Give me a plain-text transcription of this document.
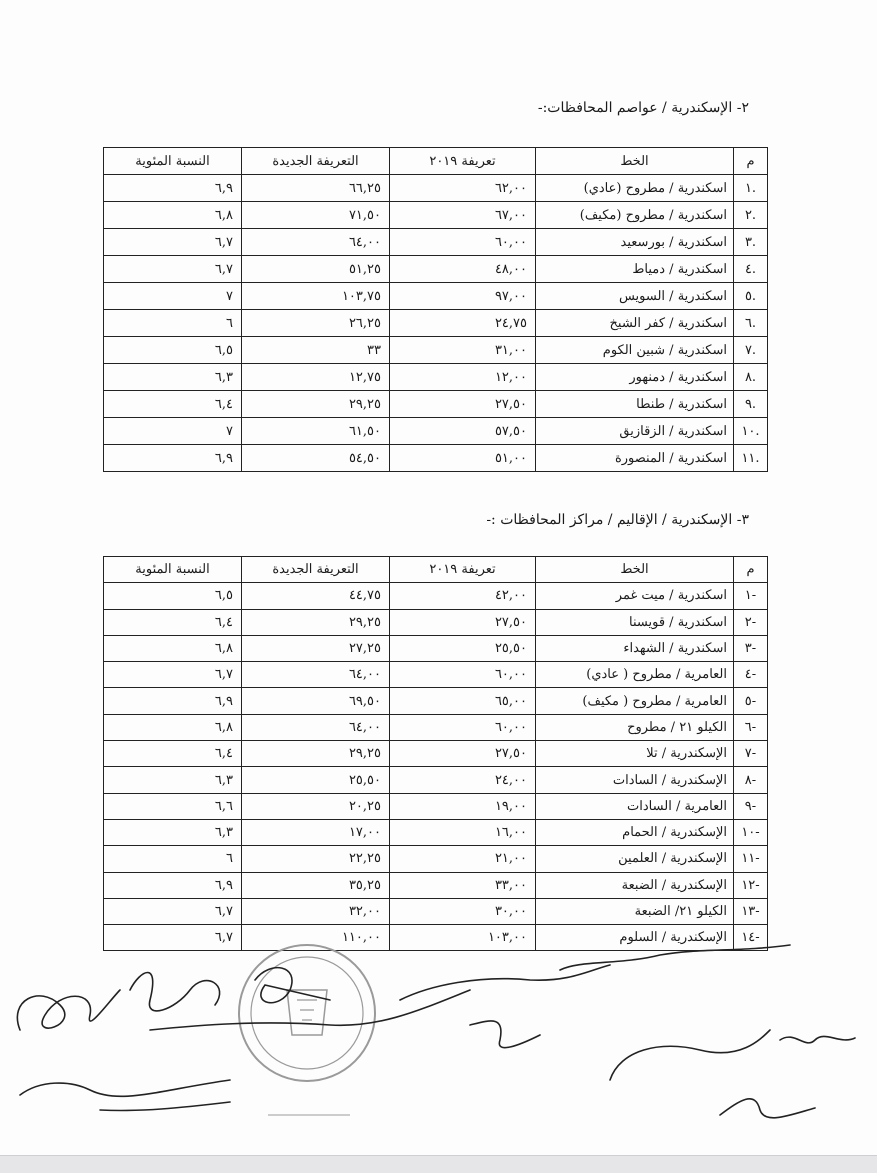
٢- الإسكندرية / عواصم المحافظات:-
م	الخط	تعريفة ٢٠١٩	التعريفة الجديدة	النسبة المئوية
.١	اسكندرية / مطروح (عادي)	٦٢,٠٠	٦٦,٢٥	٦,٩
.٢	اسكندرية / مطروح (مكيف)	٦٧,٠٠	٧١,٥٠	٦,٨
.٣	اسكندرية / بورسعيد	٦٠,٠٠	٦٤,٠٠	٦,٧
.٤	اسكندرية / دمياط	٤٨,٠٠	٥١,٢٥	٦,٧
.٥	اسكندرية / السويس	٩٧,٠٠	١٠٣,٧٥	٧
.٦	اسكندرية / كفر الشيخ	٢٤,٧٥	٢٦,٢٥	٦
.٧	اسكندرية / شبين الكوم	٣١,٠٠	٣٣	٦,٥
.٨	اسكندرية / دمنهور	١٢,٠٠	١٢,٧٥	٦,٣
.٩	اسكندرية / طنطا	٢٧,٥٠	٢٩,٢٥	٦,٤
.١٠	اسكندرية / الزقازيق	٥٧,٥٠	٦١,٥٠	٧
.١١	اسكندرية / المنصورة	٥١,٠٠	٥٤,٥٠	٦,٩
٣- الإسكندرية / الإقاليم / مراكز المحافظات :-
م	الخط	تعريفة ٢٠١٩	التعريفة الجديدة	النسبة المئوية
-١	اسكندرية / ميت غمر	٤٢,٠٠	٤٤,٧٥	٦,٥
-٢	اسكندرية / قويسنا	٢٧,٥٠	٢٩,٢٥	٦,٤
-٣	اسكندرية / الشهداء	٢٥,٥٠	٢٧,٢٥	٦,٨
-٤	العامرية / مطروح ( عادي)	٦٠,٠٠	٦٤,٠٠	٦,٧
-٥	العامرية / مطروح ( مكيف)	٦٥,٠٠	٦٩,٥٠	٦,٩
-٦	الكيلو ٢١ / مطروح	٦٠,٠٠	٦٤,٠٠	٦,٨
-٧	الإسكندرية / تلا	٢٧,٥٠	٢٩,٢٥	٦,٤
-٨	الإسكندرية / السادات	٢٤,٠٠	٢٥,٥٠	٦,٣
-٩	العامرية / السادات	١٩,٠٠	٢٠,٢٥	٦,٦
-١٠	الإسكندرية / الحمام	١٦,٠٠	١٧,٠٠	٦,٣
-١١	الإسكندرية / العلمين	٢١,٠٠	٢٢,٢٥	٦
-١٢	الإسكندرية / الضبعة	٣٣,٠٠	٣٥,٢٥	٦,٩
-١٣	الكيلو ٢١/ الضبعة	٣٠,٠٠	٣٢,٠٠	٦,٧
-١٤	الإسكندرية / السلوم	١٠٣,٠٠	١١٠,٠٠	٦,٧
